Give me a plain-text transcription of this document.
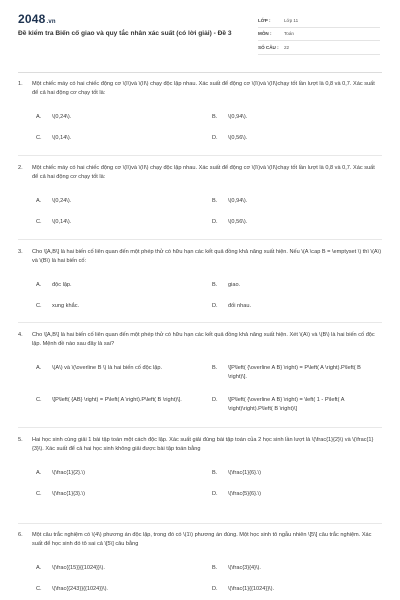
2048.vn
Đề kiểm tra Biến cố giao và quy tắc nhân xác suất (có lời giải) - Đề 3
LỚP :	Lớp 11
MÔN :	Toán
SỐ CÂU :	22
1.	Một chiếc máy có hai chiếc động cơ \(I\)và \(II\) chạy độc lập nhau. Xác suất để động cơ \(I\)và \(II\)chạy tốt lần lượt là 0,8 và 0,7. Xác suất để cả hai động cơ chạy tốt là:
A.	\(0,24\).	B.	\(0,94\).
C.	\(0,14\).	D.	\(0,56\).
2.	Một chiếc máy có hai chiếc động cơ \(I\)và \(II\) chạy độc lập nhau. Xác suất để động cơ \(I\)và \(II\)chạy tốt lần lượt là 0,8 và 0,7. Xác suất để cả hai động cơ chạy tốt là:
A.	\(0,24\).	B.	\(0,94\).
C.	\(0,14\).	D.	\(0,56\).
3.	Cho \[A,B\] là hai biến cố liên quan đến một phép thử có hữu hạn các kết quả đồng khả năng xuất hiện. Nếu \(A \cap B = \emptyset \) thì \(A\) và \(B\) là hai biến cố:
A.	độc lập.	B.	giao.
C.	xung khắc.	D.	đối nhau.
4.	Cho \[A,B\] là hai biến cố liên quan đến một phép thử có hữu hạn các kết quả đồng khả năng xuất hiện. Xét \(A\) và \(B\) là hai biến cố độc lập. Mệnh đề nào sau đây là sai?
A.	\(A\) và \(\overline B \) là hai biến cố độc lập.	B.	\[P\left( {\overline A B} \right) = P\left( A \right).P\left( B \right)\].
C.	\[P\left( {AB} \right) = P\left( A \right).P\left( B \right)\].	D.	\[P\left( {\overline A B} \right) = \left( 1 - P\left( A \right)\right).P\left( B \right)\]
5.	Hai học sinh cùng giải 1 bài tập toán một cách độc lập. Xác suất giải đúng bài tập toán của 2 học sinh lần lượt là \(\frac{1}{2}\) và \(\frac{1}{3}\). Xác suất để cả hai học sinh không giải được bài tập toán bằng
A.	\(\frac{1}{2}.\)	B.	\(\frac{1}{6}.\)
C.	\(\frac{1}{3}.\)	D.	\(\frac{5}{6}.\)
6.	Một câu trắc nghiệm có \(4\) phương án độc lập, trong đó có \(1\) phương án đúng. Một học sinh tô ngẫu nhiên \[5\] câu trắc nghiệm. Xác suất để học sinh đó tô sai cả \[5\] câu bằng
A.	\(\frac{{15}}{{1024}}\).	B.	\(\frac{3}{4}\).
C.	\(\frac{{243}}{{1024}}\).	D.	\(\frac{1}{{1024}}\).
